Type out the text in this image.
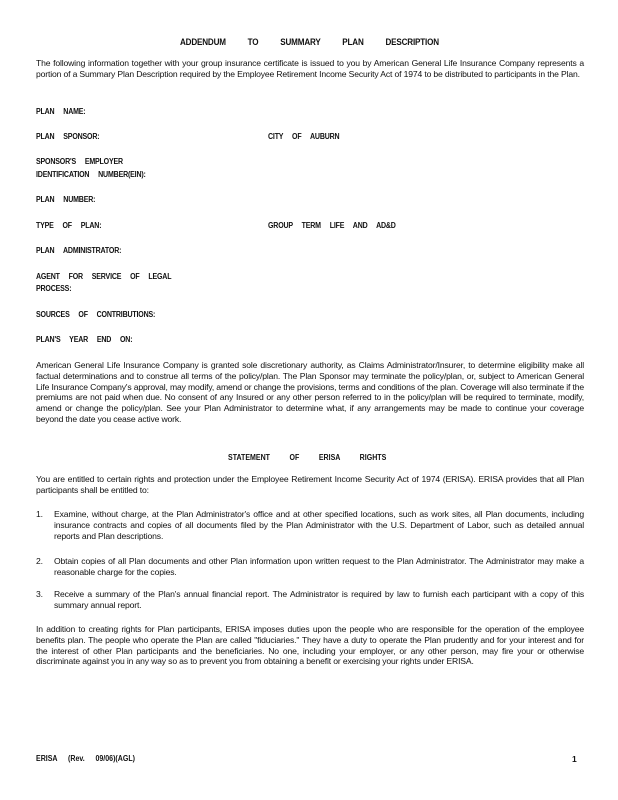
ADDENDUM TO SUMMARY PLAN DESCRIPTION
The following information together with your group insurance certificate is issued to you by American General Life Insurance Company represents a portion of a Summary Plan Description required by the Employee Retirement Income Security Act of 1974 to be distributed to participants in the Plan.
PLAN NAME:
PLAN SPONSOR:	CITY OF AUBURN
SPONSOR'S EMPLOYER
IDENTIFICATION NUMBER(EIN):
PLAN NUMBER:
TYPE OF PLAN:	GROUP TERM LIFE AND AD&D
PLAN ADMINISTRATOR:
AGENT FOR SERVICE OF LEGAL
PROCESS:
SOURCES OF CONTRIBUTIONS:
PLAN'S YEAR END ON:
American General Life Insurance Company is granted sole discretionary authority, as Claims Administrator/Insurer, to determine eligibility make all factual determinations and to construe all terms of the policy/plan. The Plan Sponsor may terminate the policy/plan, or, subject to American General Life Insurance Company's approval, may modify, amend or change the provisions, terms and conditions of the plan. Coverage will also terminate if the premiums are not paid when due. No consent of any Insured or any other person referred to in the policy/plan will be required to terminate, modify, amend or change the policy/plan. See your Plan Administrator to determine what, if any arrangements may be made to continue your coverage beyond the date you cease active work.
STATEMENT OF ERISA RIGHTS
You are entitled to certain rights and protection under the Employee Retirement Income Security Act of 1974 (ERISA). ERISA provides that all Plan participants shall be entitled to:
1. Examine, without charge, at the Plan Administrator's office and at other specified locations, such as work sites, all Plan documents, including insurance contracts and copies of all documents filed by the Plan Administrator with the U.S. Department of Labor, such as detailed annual reports and Plan descriptions.
2. Obtain copies of all Plan documents and other Plan information upon written request to the Plan Administrator. The Administrator may make a reasonable charge for the copies.
3. Receive a summary of the Plan's annual financial report. The Administrator is required by law to furnish each participant with a copy of this summary annual report.
In addition to creating rights for Plan participants, ERISA imposes duties upon the people who are responsible for the operation of the employee benefits plan. The people who operate the Plan are called "fiduciaries." They have a duty to operate the Plan prudently and for your interest and for the interest of other Plan participants and the beneficiaries. No one, including your employer, or any other person, may fire your or otherwise discriminate against you in any way so as to prevent you from obtaining a benefit or exercising your rights under ERISA.
ERISA (Rev. 09/06)(AGL)	1
